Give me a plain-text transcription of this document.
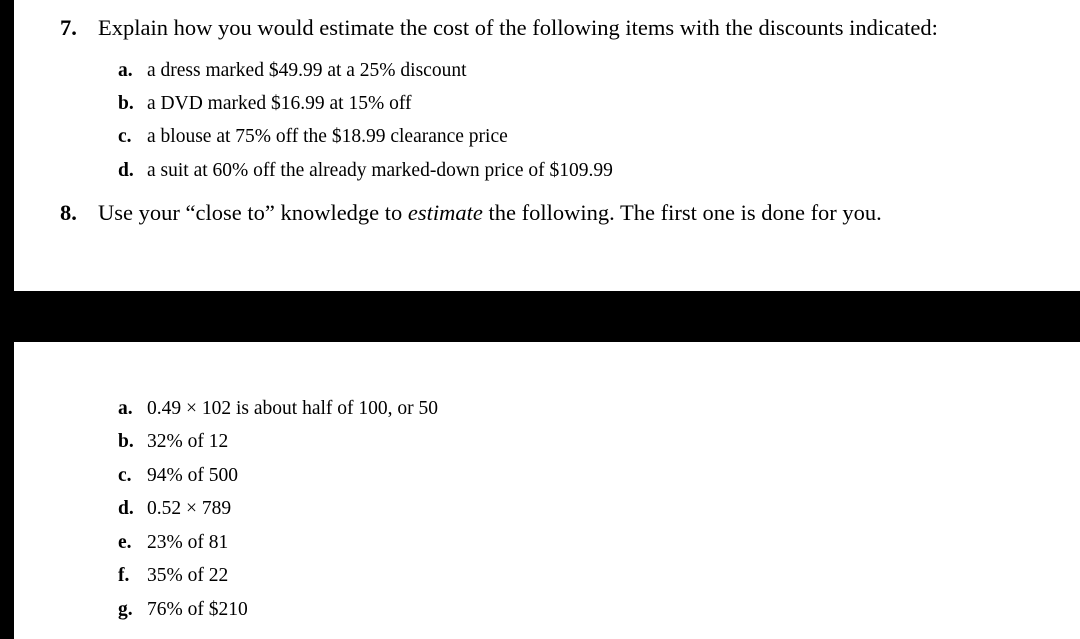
7. Explain how you would estimate the cost of the following items with the discounts indicated:
a. a dress marked $49.99 at a 25% discount
b. a DVD marked $16.99 at 15% off
c. a blouse at 75% off the $18.99 clearance price
d. a suit at 60% off the already marked-down price of $109.99
8. Use your “close to” knowledge to estimate the following. The first one is done for you.
a. 0.49 × 102 is about half of 100, or 50
b. 32% of 12
c. 94% of 500
d. 0.52 × 789
e. 23% of 81
f. 35% of 22
g. 76% of $210
